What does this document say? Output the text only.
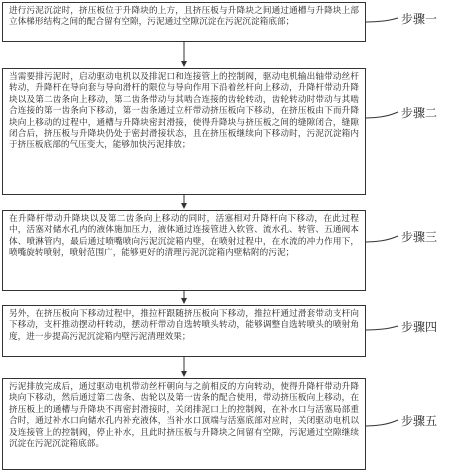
进行污泥沉淀时，挤压板位于升降块的上方，且挤压板与升降块之间通过通槽与升降块上部立体梯形结构之间的配合留有空隙，污泥通过空隙沉淀在污泥沉淀箱底部；
当需要排污泥时，启动驱动电机以及排泥口和连接管上的控制阀，驱动电机输出轴带动丝杆转动，升降杆在导向套与导向滑杆的限位与导向作用下沿着丝杆向上移动，升降杆带动升降块以及第二齿条向上移动，第二齿条带动与其啮合连接的齿轮转动，齿轮转动时带动与其啮合连接的第一齿条向下移动，第一齿条通过立杆带动挤压板向下移动，在挤压板由下而升降块向上移动的过程中，通槽与升降块密封滑接，使得升降块与挤压板之间的缝隙闭合，缝隙闭合后，挤压板与升降块仍处于密封滑接状态，且在挤压板继续向下移动时，污泥沉淀箱内于挤压板底部的气压变大，能够加快污泥排放；
在升降杆带动升降块以及第二齿条向上移动的同时，活塞相对升降杆向下移动，在此过程中，活塞对储水孔内的液体施加压力，液体通过连接管进入软管、流水孔、转管、五通阀本体、喷淋管内，最后通过喷嘴喷向污泥沉淀箱内壁，在喷射过程中，在水流的冲力作用下，喷嘴旋转喷射，喷射范围广，能够更好的清理污泥沉淀箱内壁粘附的污泥；
另外，在挤压板向下移动过程中，推拉杆跟随挤压板向下移动，推拉杆通过滑套带动支杆向下移动，支杆推动摆动杆转动，摆动杆带动自选转喷头转动，能够调整自选转喷头的喷射角度，进一步提高污泥沉淀箱内壁污泥清理效果；
污泥排放完成后，通过驱动电机带动丝杆朝向与之前相反的方向转动，使得升降杆带动升降块向下移动，然后通过第二齿条、齿轮以及第一齿条的配合使用，带动挤压板向上移动，在挤压板上的通槽与升降块不再密封滑接时，关闭排泥口上的控制阀，在补水口与活塞局部重合时，通过补水口向储水孔内补充液体，当补水口顶端与活塞底部对应时，关闭驱动电机以及连接管上的控制阀，停止补水，且此时挤压板与升降块之间留有空隙，污泥通过空隙继续沉淀在污泥沉淀箱底部。
步骤一
步骤二
步骤三
步骤四
步骤五
